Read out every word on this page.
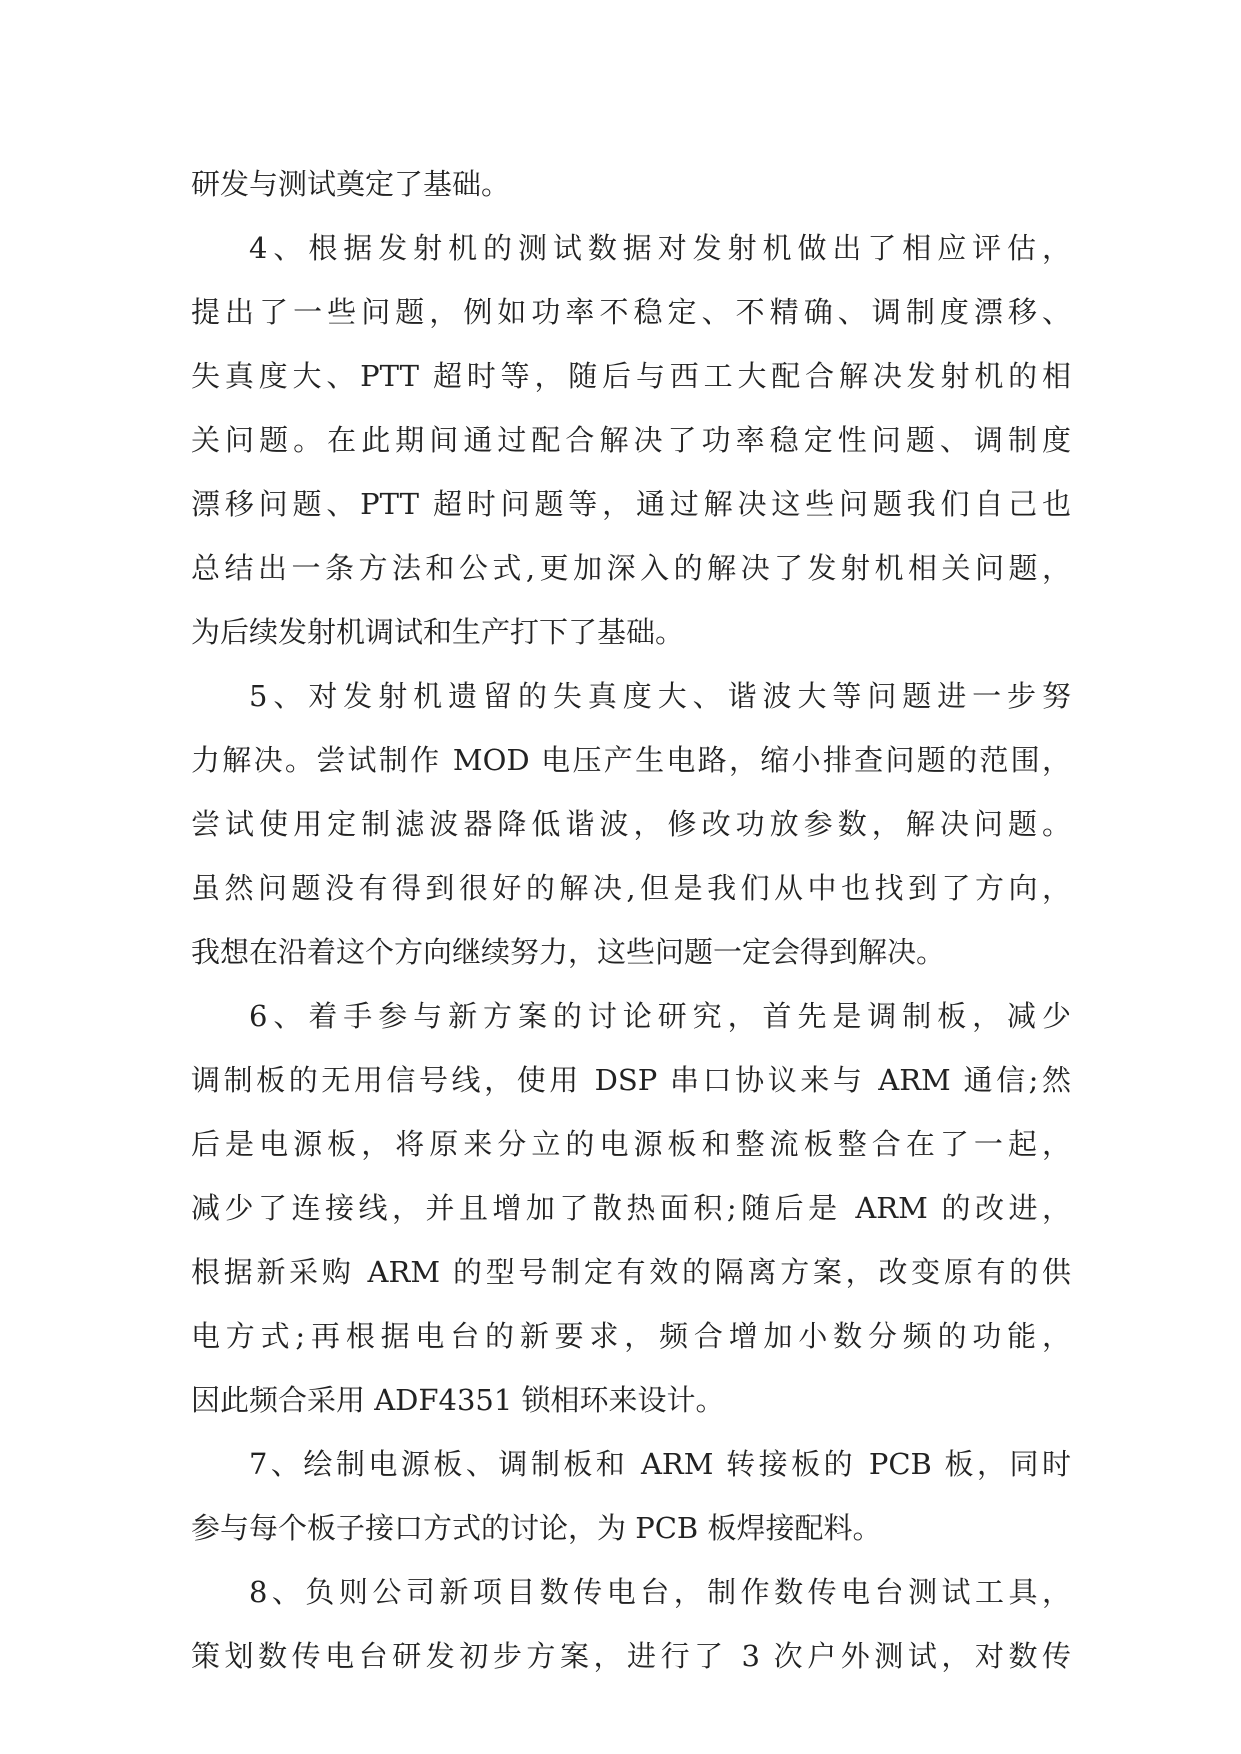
研发与测试奠定了基础。
4、根据发射机的测试数据对发射机做出了相应评估，
提出了一些问题，例如功率不稳定、不精确、调制度漂移、
失真度大、PTT 超时等，随后与西工大配合解决发射机的相
关问题。在此期间通过配合解决了功率稳定性问题、调制度
漂移问题、PTT 超时问题等，通过解决这些问题我们自己也
总结出一条方法和公式,更加深入的解决了发射机相关问题，
为后续发射机调试和生产打下了基础。
5、对发射机遗留的失真度大、谐波大等问题进一步努
力解决。尝试制作 MOD 电压产生电路，缩小排查问题的范围，
尝试使用定制滤波器降低谐波，修改功放参数，解决问题。
虽然问题没有得到很好的解决,但是我们从中也找到了方向，
我想在沿着这个方向继续努力，这些问题一定会得到解决。
6、着手参与新方案的讨论研究，首先是调制板，减少
调制板的无用信号线，使用 DSP 串口协议来与 ARM 通信;然
后是电源板，将原来分立的电源板和整流板整合在了一起，
减少了连接线，并且增加了散热面积;随后是 ARM 的改进，
根据新采购 ARM 的型号制定有效的隔离方案，改变原有的供
电方式;再根据电台的新要求，频合增加小数分频的功能，
因此频合采用 ADF4351 锁相环来设计。
7、绘制电源板、调制板和 ARM 转接板的 PCB 板，同时
参与每个板子接口方式的讨论，为 PCB 板焊接配料。
8、负则公司新项目数传电台，制作数传电台测试工具，
策划数传电台研发初步方案，进行了 3 次户外测试，对数传
